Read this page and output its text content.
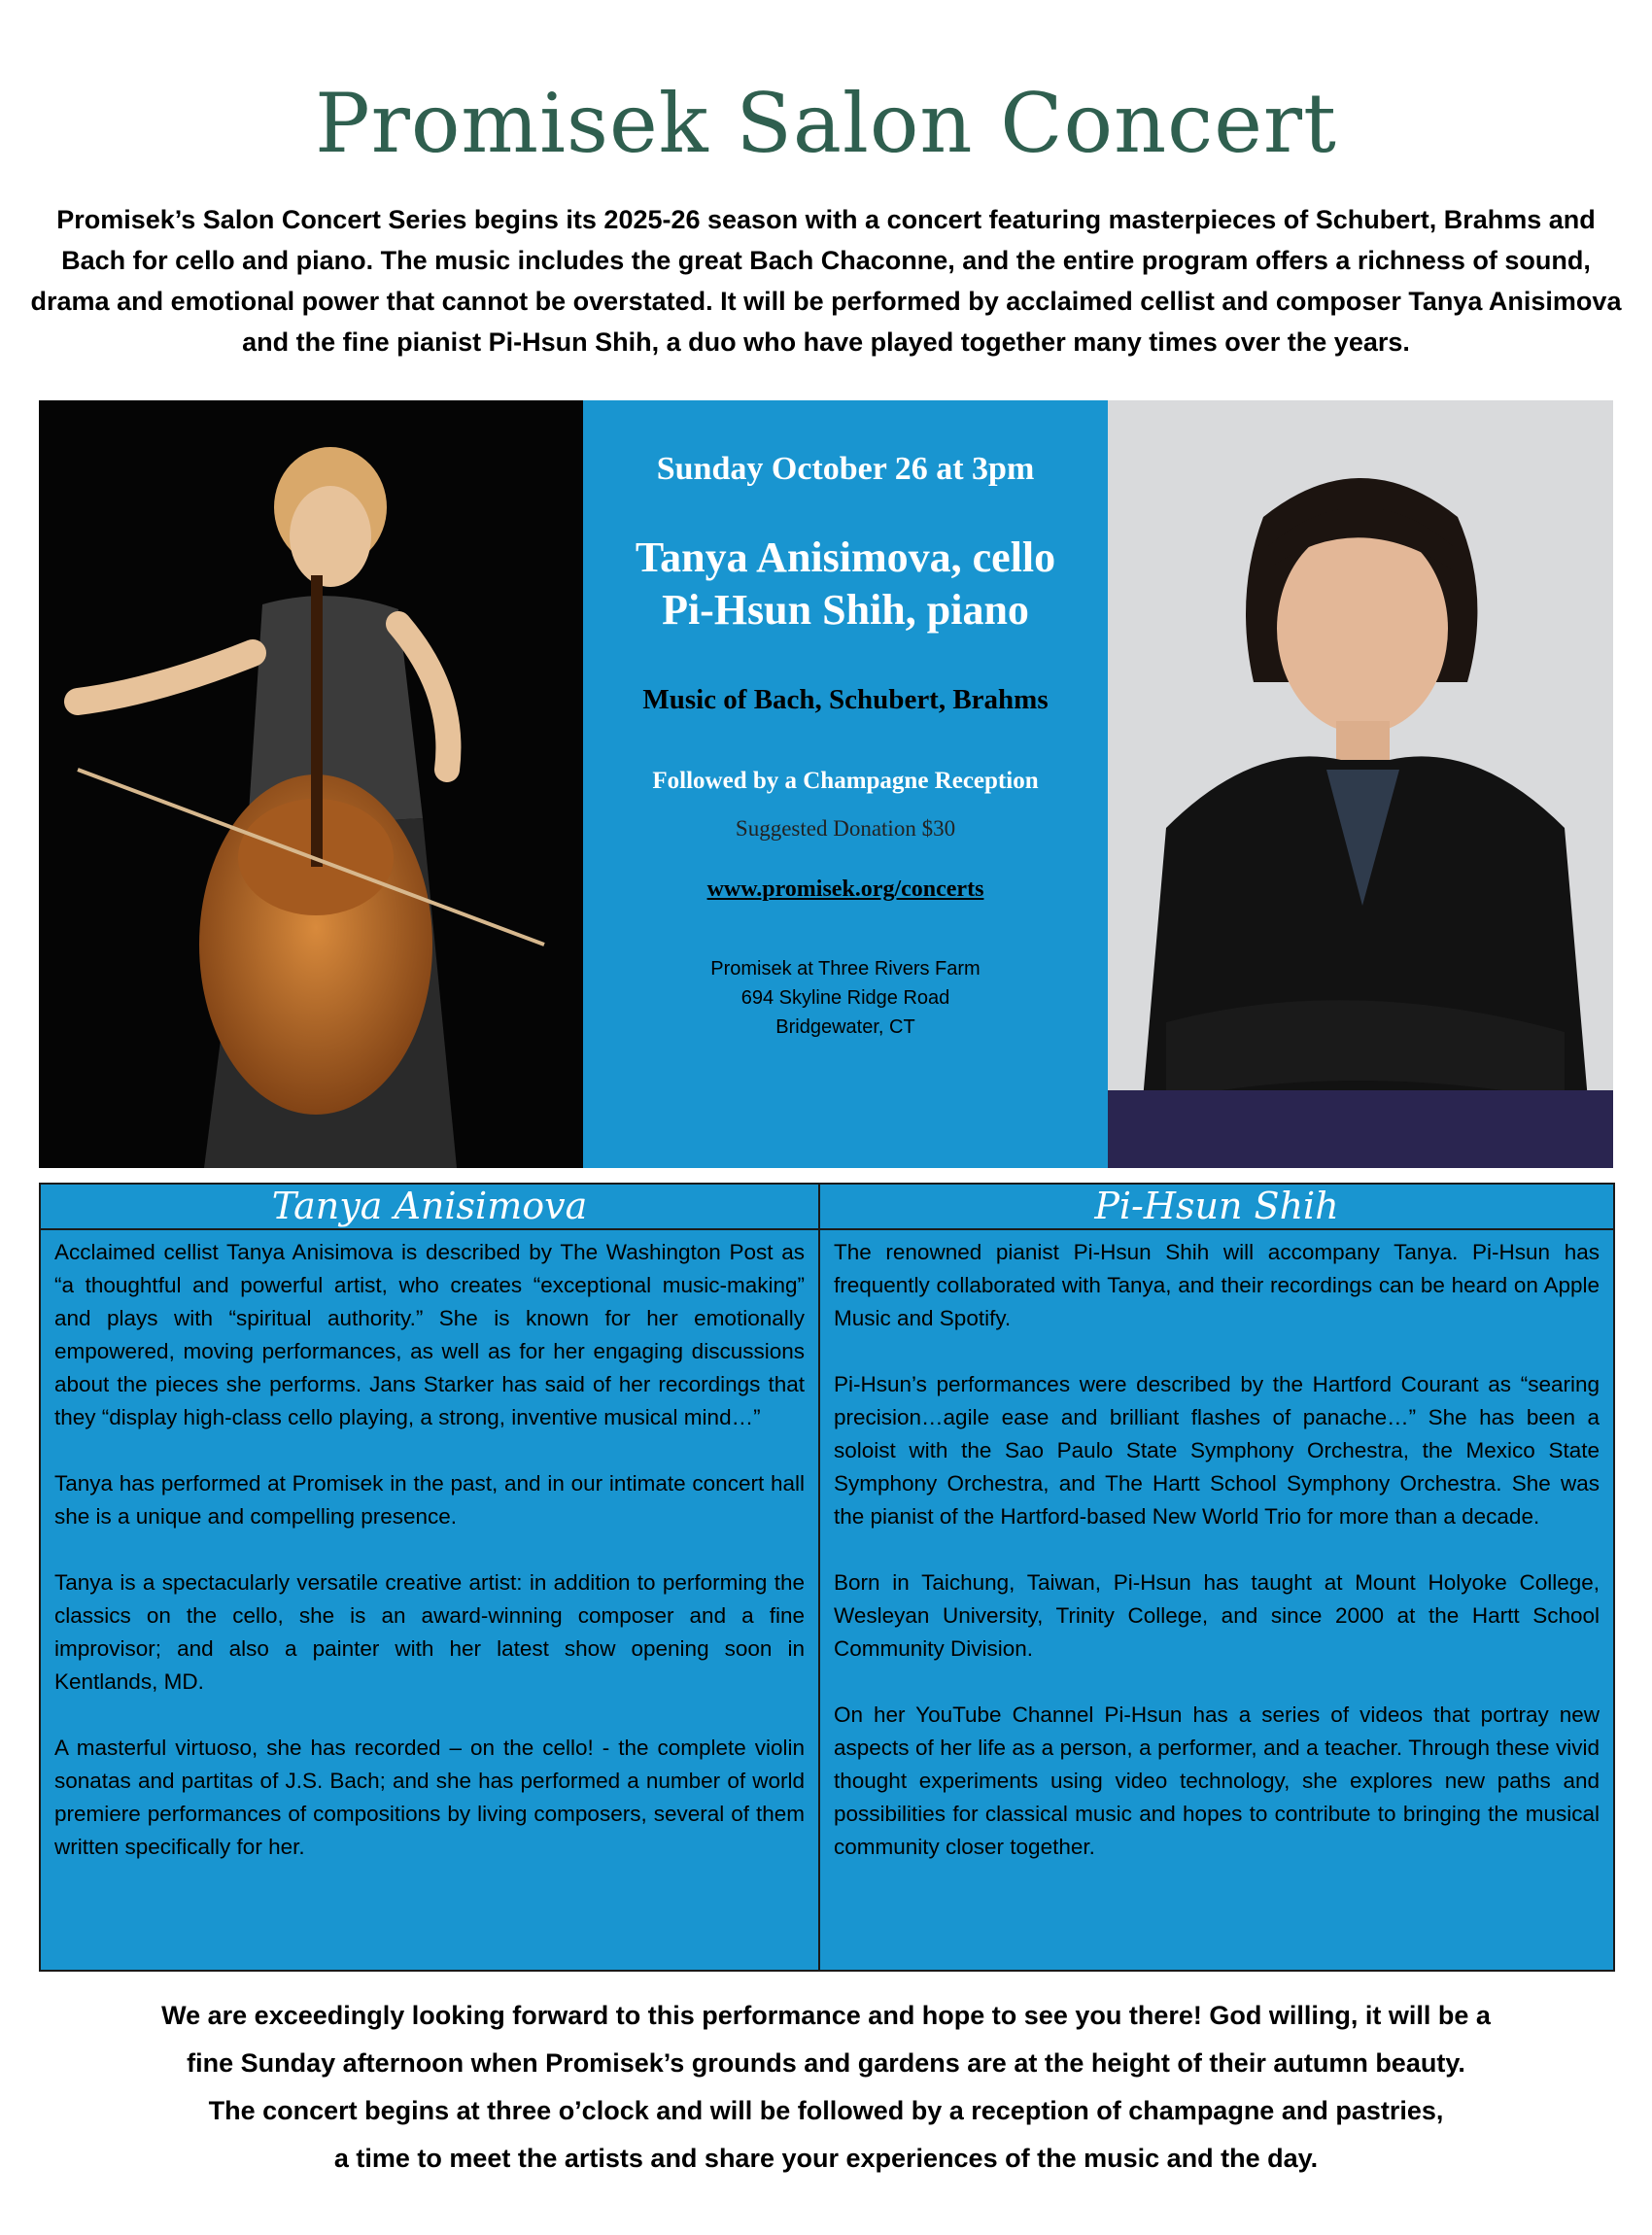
Promisek Salon Concert
Promisek’s Salon Concert Series begins its 2025-26 season with a concert featuring masterpieces of Schubert, Brahms and Bach for cello and piano. The music includes the great Bach Chaconne, and the entire program offers a richness of sound, drama and emotional power that cannot be overstated. It will be performed by acclaimed cellist and composer Tanya Anisimova and the fine pianist Pi-Hsun Shih, a duo who have played together many times over the years.
Sunday October 26 at 3pm
Tanya Anisimova, cello
Pi-Hsun Shih, piano
Music of Bach, Schubert, Brahms
Followed by a Champagne Reception
Suggested Donation $30
www.promisek.org/concerts
Promisek at Three Rivers Farm
694 Skyline Ridge Road
Bridgewater, CT
Tanya Anisimova

Acclaimed cellist Tanya Anisimova is described by The Washington Post as “a thoughtful and powerful artist, who creates “exceptional music-making” and plays with “spiritual authority.” She is known for her emotionally empowered, moving performances, as well as for her engaging discussions about the pieces she performs. Jans Starker has said of her recordings that they “display high-class cello playing, a strong, inventive musical mind…”

Tanya has performed at Promisek in the past, and in our intimate concert hall she is a unique and compelling presence.

Tanya is a spectacularly versatile creative artist: in addition to performing the classics on the cello, she is an award-winning composer and a fine improvisor; and also a painter with her latest show opening soon in Kentlands, MD.

A masterful virtuoso, she has recorded – on the cello! - the complete violin sonatas and partitas of J.S. Bach; and she has performed a number of world premiere performances of compositions by living composers, several of them written specifically for her.

Pi-Hsun Shih

The renowned pianist Pi-Hsun Shih will accompany Tanya. Pi-Hsun has frequently collaborated with Tanya, and their recordings can be heard on Apple Music and Spotify.

Pi-Hsun’s performances were described by the Hartford Courant as “searing precision…agile ease and brilliant flashes of panache…” She has been a soloist with the Sao Paulo State Symphony Orchestra, the Mexico State Symphony Orchestra, and The Hartt School Symphony Orchestra. She was the pianist of the Hartford-based New World Trio for more than a decade.

Born in Taichung, Taiwan, Pi-Hsun has taught at Mount Holyoke College, Wesleyan University, Trinity College, and since 2000 at the Hartt School Community Division.

On her YouTube Channel Pi-Hsun has a series of videos that portray new aspects of her life as a person, a performer, and a teacher. Through these vivid thought experiments using video technology, she explores new paths and possibilities for classical music and hopes to contribute to bringing the musical community closer together.

We are exceedingly looking forward to this performance and hope to see you there! God willing, it will be a
fine Sunday afternoon when Promisek’s grounds and gardens are at the height of their autumn beauty.
The concert begins at three o’clock and will be followed by a reception of champagne and pastries,
a time to meet the artists and share your experiences of the music and the day.
